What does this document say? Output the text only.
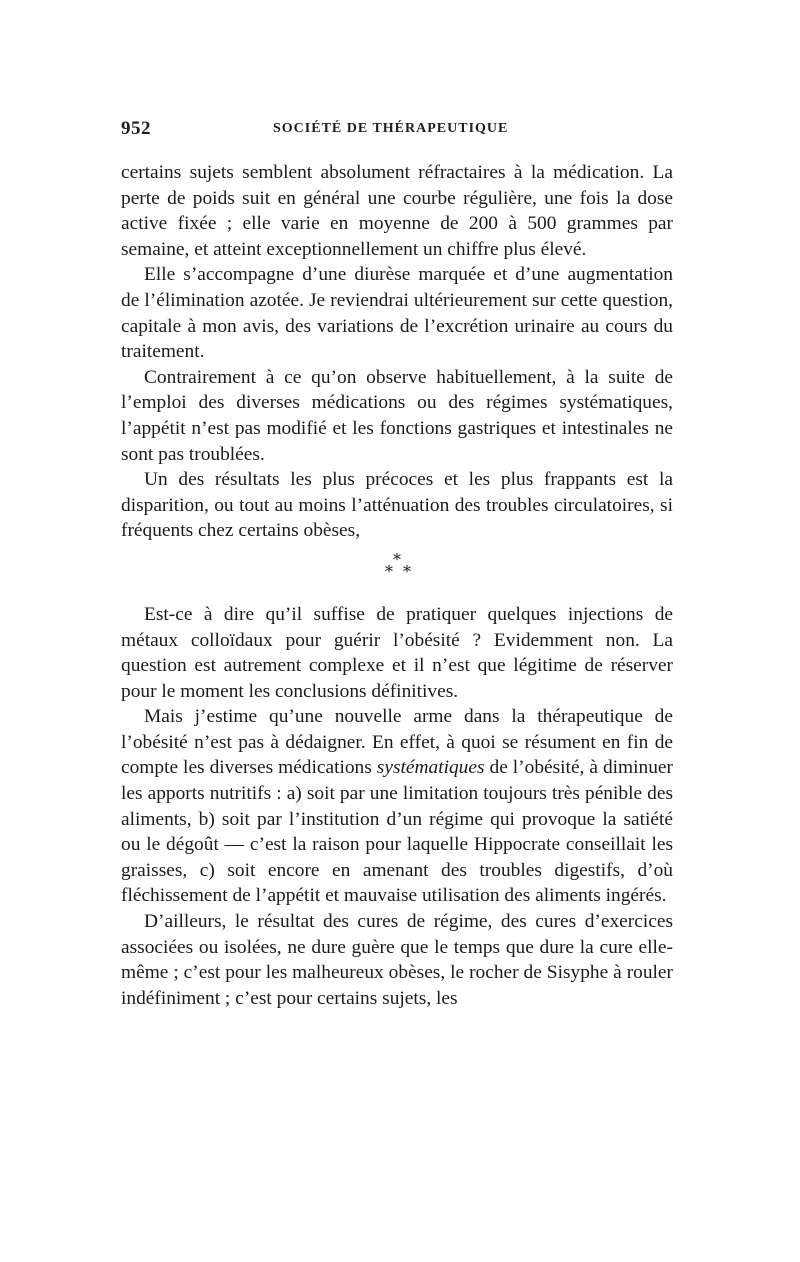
952	SOCIÉTÉ DE THÉRAPEUTIQUE

certains sujets semblent absolument réfractaires à la médication. La perte de poids suit en général une courbe régulière, une fois la dose active fixée ; elle varie en moyenne de 200 à 500 grammes par semaine, et atteint exceptionnellement un chiffre plus élevé.

Elle s’accompagne d’une diurèse marquée et d’une augmentation de l’élimination azotée. Je reviendrai ultérieurement sur cette question, capitale à mon avis, des variations de l’excrétion urinaire au cours du traitement.

Contrairement à ce qu’on observe habituellement, à la suite de l’emploi des diverses médications ou des régimes systématiques, l’appétit n’est pas modifié et les fonctions gastriques et intestinales ne sont pas troublées.

Un des résultats les plus précoces et les plus frappants est la disparition, ou tout au moins l’atténuation des troubles circulatoires, si fréquents chez certains obèses,

*
* *

Est-ce à dire qu’il suffise de pratiquer quelques injections de métaux colloïdaux pour guérir l’obésité ? Evidemment non. La question est autrement complexe et il n’est que légitime de réserver pour le moment les conclusions définitives.

Mais j’estime qu’une nouvelle arme dans la thérapeutique de l’obésité n’est pas à dédaigner. En effet, à quoi se résument en fin de compte les diverses médications systématiques de l’obésité, à diminuer les apports nutritifs : a) soit par une limitation toujours très pénible des aliments, b) soit par l’institution d’un régime qui provoque la satiété ou le dégoût — c’est la raison pour laquelle Hippocrate conseillait les graisses, c) soit encore en amenant des troubles digestifs, d’où fléchissement de l’appétit et mauvaise utilisation des aliments ingérés.

D’ailleurs, le résultat des cures de régime, des cures d’exercices associées ou isolées, ne dure guère que le temps que dure la cure elle-même ; c’est pour les malheureux obèses, le rocher de Sisyphe à rouler indéfiniment ; c’est pour certains sujets, les
